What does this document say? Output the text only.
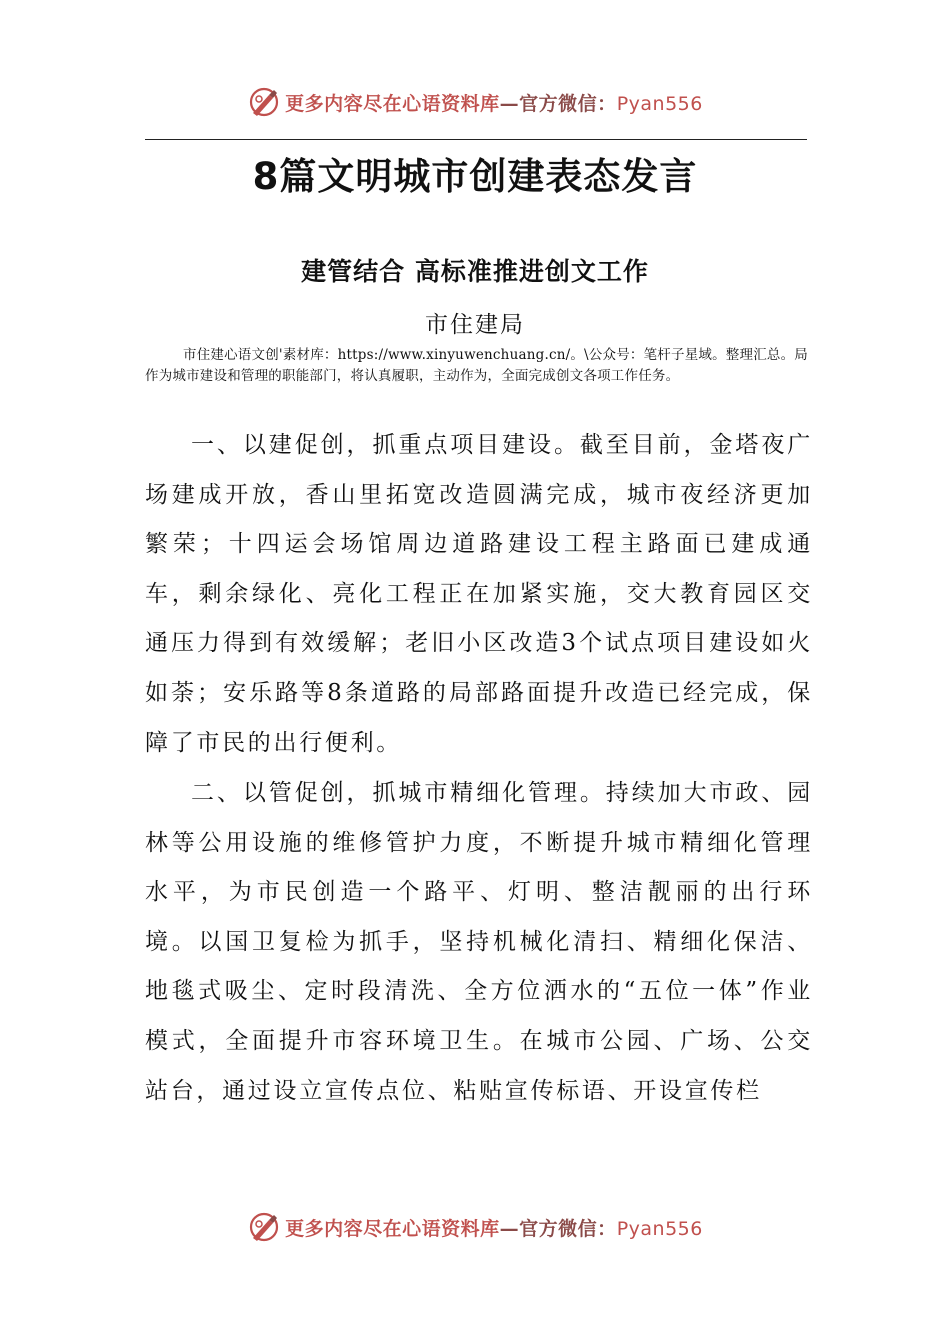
更多内容尽在心语资料库—官方微信：Pyan556
8篇文明城市创建表态发言
建管结合 高标准推进创文工作

市住建局

市住建心语文创'素材库：https://www.xinyuwenchuang.cn/。\公众号：笔杆子星域。整理汇总。局作为城市建设和管理的职能部门，将认真履职，主动作为，全面完成创文各项工作任务。

一、以建促创，抓重点项目建设。截至目前，金塔夜广场建成开放，香山里拓宽改造圆满完成，城市夜经济更加繁荣；十四运会场馆周边道路建设工程主路面已建成通车，剩余绿化、亮化工程正在加紧实施，交大教育园区交通压力得到有效缓解；老旧小区改造3个试点项目建设如火如荼；安乐路等8条道路的局部路面提升改造已经完成，保障了市民的出行便利。

二、以管促创，抓城市精细化管理。持续加大市政、园林等公用设施的维修管护力度，不断提升城市精细化管理水平，为市民创造一个路平、灯明、整洁靓丽的出行环境。以国卫复检为抓手，坚持机械化清扫、精细化保洁、地毯式吸尘、定时段清洗、全方位洒水的“五位一体”作业模式，全面提升市容环境卫生。在城市公园、广场、公交站台，通过设立宣传点位、粘贴宣传标语、开设宣传栏

更多内容尽在心语资料库—官方微信：Pyan556
